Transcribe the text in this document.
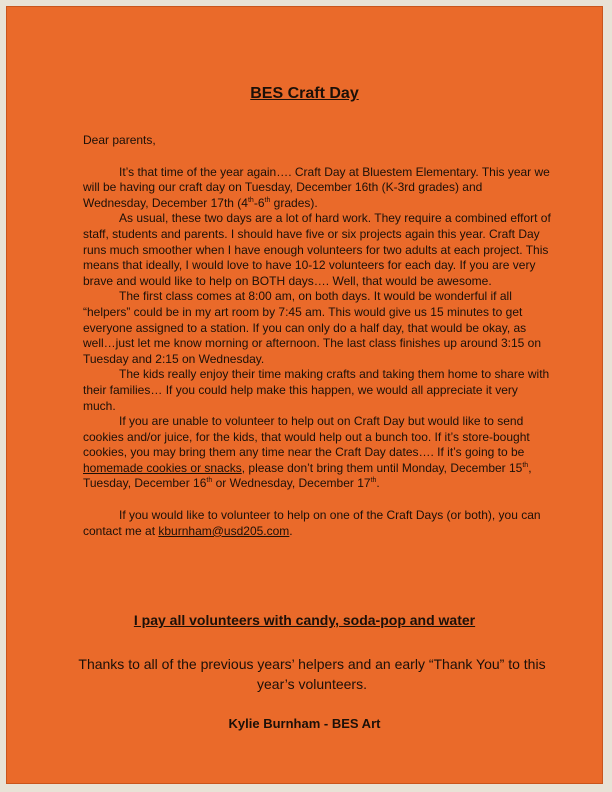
BES Craft Day

Dear parents,

It’s that time of the year again…. Craft Day at Bluestem Elementary. This year we will be having our craft day on Tuesday, December 16th (K-3rd grades) and Wednesday, December 17th (4th-6th grades).

As usual, these two days are a lot of hard work. They require a combined effort of staff, students and parents. I should have five or six projects again this year. Craft Day runs much smoother when I have enough volunteers for two adults at each project. This means that ideally, I would love to have 10-12 volunteers for each day. If you are very brave and would like to help on BOTH days…. Well, that would be awesome.

The first class comes at 8:00 am, on both days. It would be wonderful if all “helpers” could be in my art room by 7:45 am. This would give us 15 minutes to get everyone assigned to a station. If you can only do a half day, that would be okay, as well…just let me know morning or afternoon. The last class finishes up around 3:15 on Tuesday and 2:15 on Wednesday.

The kids really enjoy their time making crafts and taking them home to share with their families… If you could help make this happen, we would all appreciate it very much.

If you are unable to volunteer to help out on Craft Day but would like to send cookies and/or juice, for the kids, that would help out a bunch too. If it’s store-bought cookies, you may bring them any time near the Craft Day dates…. If it’s going to be homemade cookies or snacks, please don’t bring them until Monday, December 15th, Tuesday, December 16th or Wednesday, December 17th.

If you would like to volunteer to help on one of the Craft Days (or both), you can contact me at kburnham@usd205.com.

I pay all volunteers with candy, soda-pop and water
Thanks to all of the previous years’ helpers and an early “Thank You” to this year’s volunteers.
Kylie Burnham - BES Art
